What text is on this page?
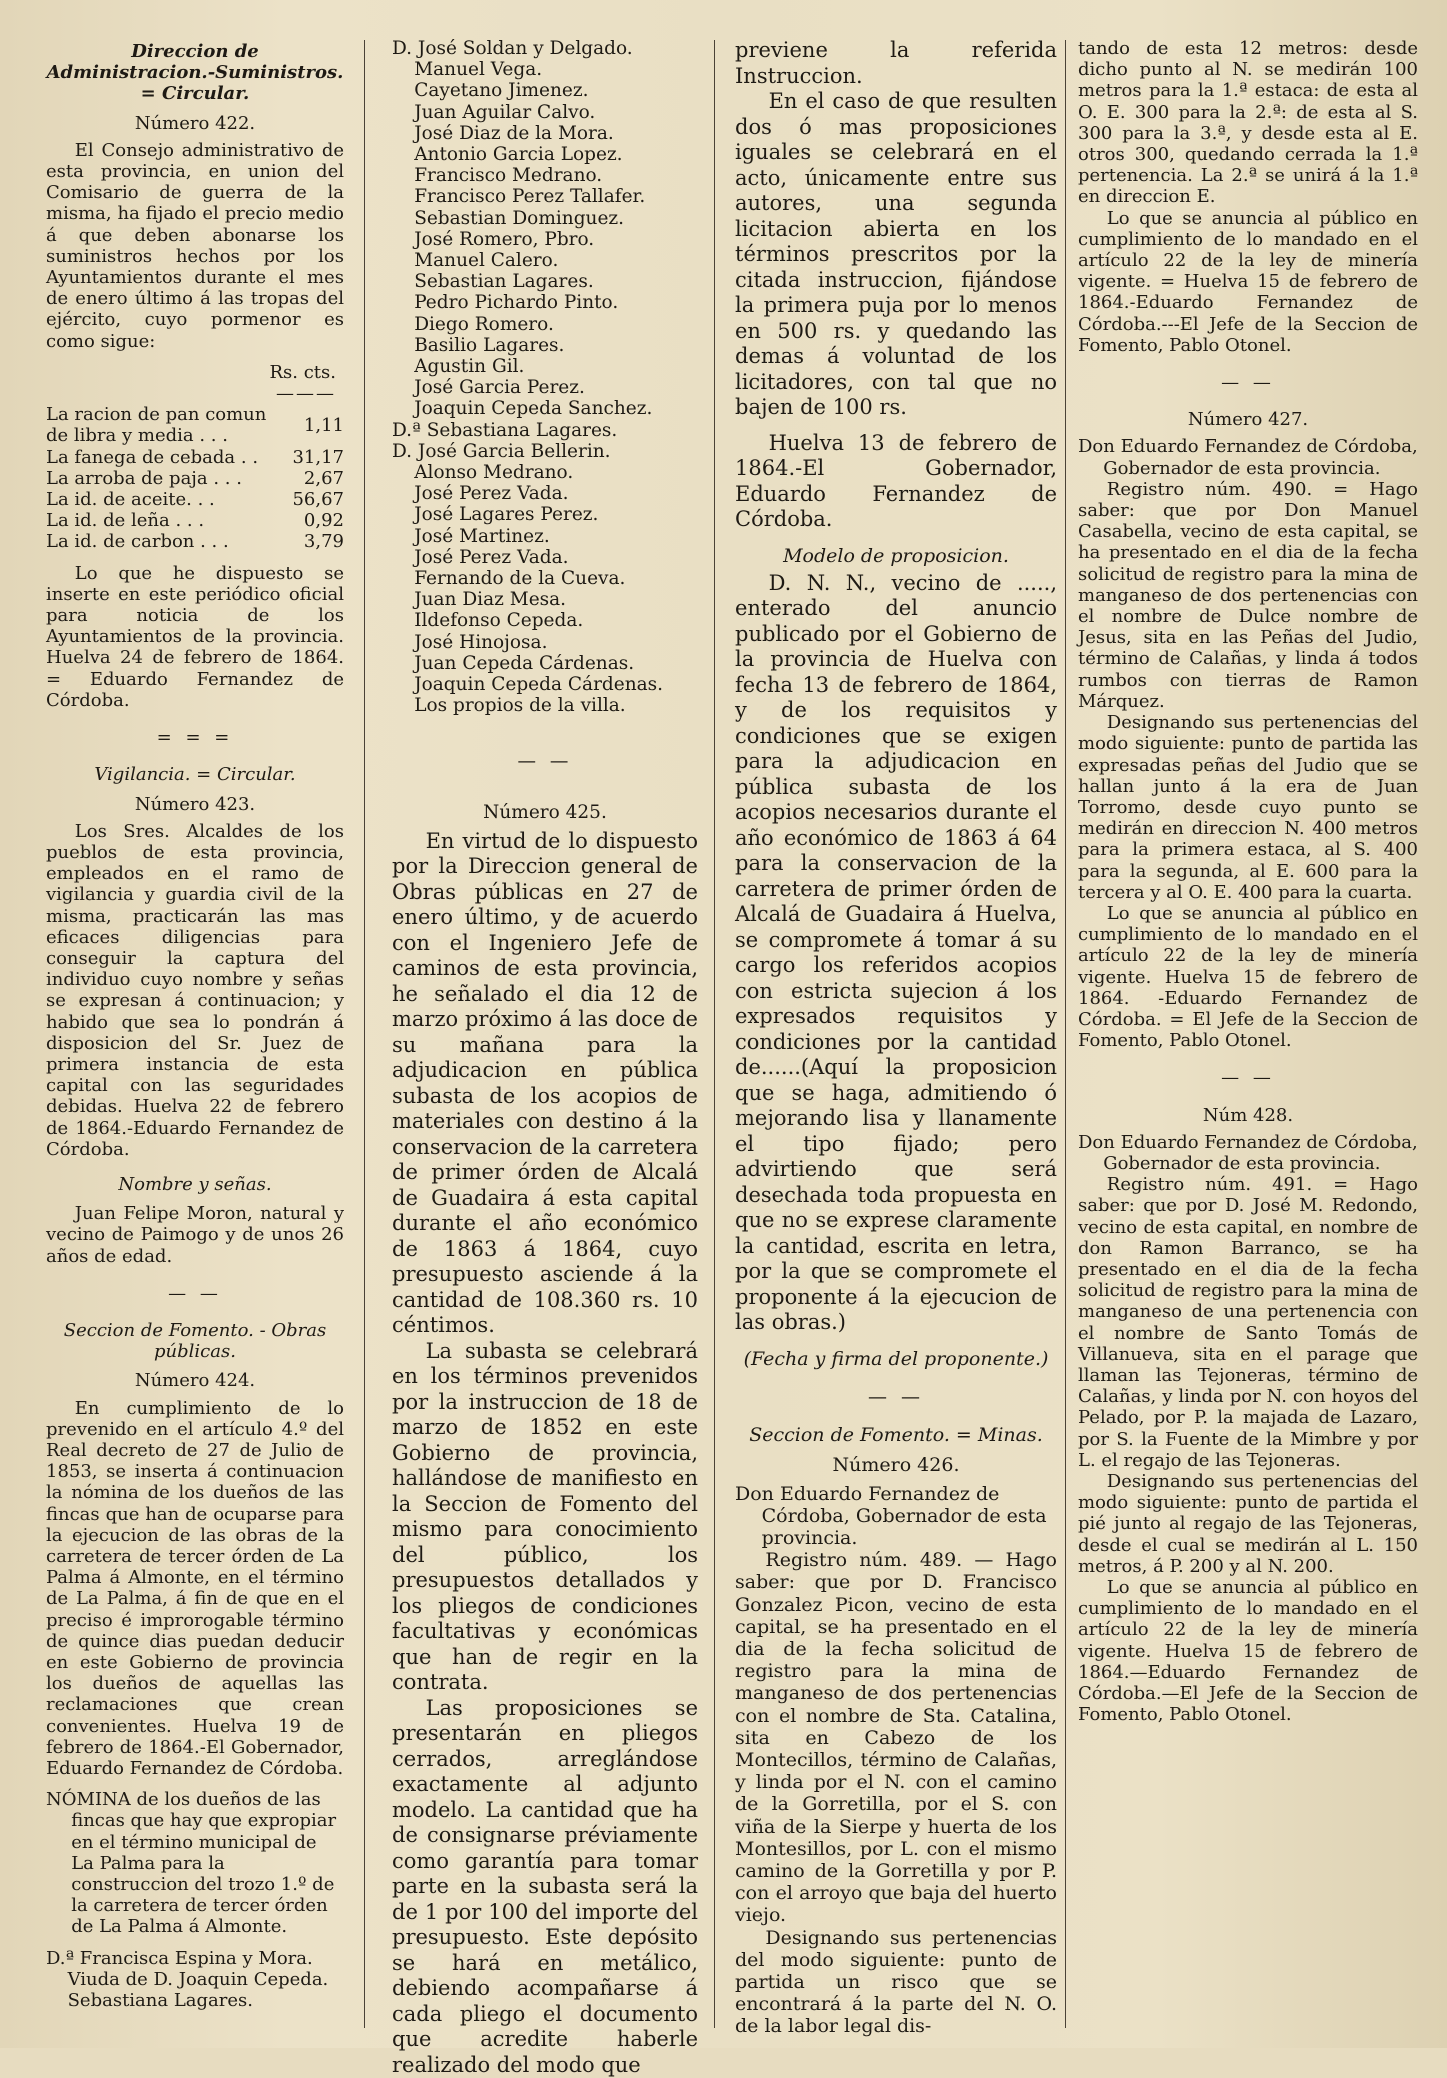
Direccion de Administracion.-Suministros. = Circular.

Número 422.

El Consejo administrativo de esta provincia, en union del Comisario de guerra de la misma, ha fijado el precio medio á que deben abonarse los suministros hechos por los Ayuntamientos durante el mes de enero último á las tropas del ejército, cuyo pormenor es como sigue:

Rs. cts.

———

La racion de pan comun de libra y media . . .	1,11
La fanega de cebada . .	31,17
La arroba de paja . . .	2,67
La id. de aceite. . .	56,67
La id. de leña . . .	0,92
La id. de carbon . . .	3,79

Lo que he dispuesto se inserte en este periódico oficial para noticia de los Ayuntamientos de la provincia. Huelva 24 de febrero de 1864. = Eduardo Fernandez de Córdoba.

= = =

Vigilancia. = Circular.

Número 423.

Los Sres. Alcaldes de los pueblos de esta provincia, empleados en el ramo de vigilancia y guardia civil de la misma, practicarán las mas eficaces diligencias para conseguir la captura del individuo cuyo nombre y señas se expresan á continuacion; y habido que sea lo pondrán á disposicion del Sr. Juez de primera instancia de esta capital con las seguridades debidas. Huelva 22 de febrero de 1864.-Eduardo Fernandez de Córdoba.

Nombre y señas.

Juan Felipe Moron, natural y vecino de Paimogo y de unos 26 años de edad.

— —

Seccion de Fomento. - Obras públicas.

Número 424.

En cumplimiento de lo prevenido en el artículo 4.º del Real decreto de 27 de Julio de 1853, se inserta á continuacion la nómina de los dueños de las fincas que han de ocuparse para la ejecucion de las obras de la carretera de tercer órden de La Palma á Almonte, en el término de La Palma, á fin de que en el preciso é improrogable término de quince dias puedan deducir en este Gobierno de provincia los dueños de aquellas las reclamaciones que crean convenientes. Huelva 19 de febrero de 1864.-El Gobernador, Eduardo Fernandez de Córdoba.

NÓMINA de los dueños de las fincas que hay que expropiar en el término municipal de La Palma para la construccion del trozo 1.º de la carretera de tercer órden de La Palma á Almonte.

D.ª Francisca Espina y Mora.
Viuda de D. Joaquin Cepeda.
Sebastiana Lagares.
D. José Soldan y Delgado.
Manuel Vega.
Cayetano Jimenez.
Juan Aguilar Calvo.
José Diaz de la Mora.
Antonio Garcia Lopez.
Francisco Medrano.
Francisco Perez Tallafer.
Sebastian Dominguez.
José Romero, Pbro.
Manuel Calero.
Sebastian Lagares.
Pedro Pichardo Pinto.
Diego Romero.
Basilio Lagares.
Agustin Gil.
José Garcia Perez.
Joaquin Cepeda Sanchez.
D.ª Sebastiana Lagares.
D. José Garcia Bellerin.
Alonso Medrano.
José Perez Vada.
José Lagares Perez.
José Martinez.
José Perez Vada.
Fernando de la Cueva.
Juan Diaz Mesa.
Ildefonso Cepeda.
José Hinojosa.
Juan Cepeda Cárdenas.
Joaquin Cepeda Cárdenas.
Los propios de la villa.

— —

Número 425.

En virtud de lo dispuesto por la Direccion general de Obras públicas en 27 de enero último, y de acuerdo con el Ingeniero Jefe de caminos de esta provincia, he señalado el dia 12 de marzo próximo á las doce de su mañana para la adjudicacion en pública subasta de los acopios de materiales con destino á la conservacion de la carretera de primer órden de Alcalá de Guadaira á esta capital durante el año económico de 1863 á 1864, cuyo presupuesto asciende á la cantidad de 108.360 rs. 10 céntimos.

La subasta se celebrará en los términos prevenidos por la instruccion de 18 de marzo de 1852 en este Gobierno de provincia, hallándose de manifiesto en la Seccion de Fomento del mismo para conocimiento del público, los presupuestos detallados y los pliegos de condiciones facultativas y económicas que han de regir en la contrata.

Las proposiciones se presentarán en pliegos cerrados, arreglándose exactamente al adjunto modelo. La cantidad que ha de consignarse préviamente como garantía para tomar parte en la subasta será la de 1 por 100 del importe del presupuesto. Este depósito se hará en metálico, debiendo acompañarse á cada pliego el documento que acredite haberle realizado del modo que

previene la referida Instruccion.

En el caso de que resulten dos ó mas proposiciones iguales se celebrará en el acto, únicamente entre sus autores, una segunda licitacion abierta en los términos prescritos por la citada instruccion, fijándose la primera puja por lo menos en 500 rs. y quedando las demas á voluntad de los licitadores, con tal que no bajen de 100 rs.

Huelva 13 de febrero de 1864.-El Gobernador, Eduardo Fernandez de Córdoba.

Modelo de proposicion.

D. N. N., vecino de ....., enterado del anuncio publicado por el Gobierno de la provincia de Huelva con fecha 13 de febrero de 1864, y de los requisitos y condiciones que se exigen para la adjudicacion en pública subasta de los acopios necesarios durante el año económico de 1863 á 64 para la conservacion de la carretera de primer órden de Alcalá de Guadaira á Huelva, se compromete á tomar á su cargo los referidos acopios con estricta sujecion á los expresados requisitos y condiciones por la cantidad de......(Aquí la proposicion que se haga, admitiendo ó mejorando lisa y llanamente el tipo fijado; pero advirtiendo que será desechada toda propuesta en que no se exprese claramente la cantidad, escrita en letra, por la que se compromete el proponente á la ejecucion de las obras.)

(Fecha y firma del proponente.)

— —

Seccion de Fomento. = Minas.

Número 426.

Don Eduardo Fernandez de Córdoba, Gobernador de esta provincia.

Registro núm. 489. — Hago saber: que por D. Francisco Gonzalez Picon, vecino de esta capital, se ha presentado en el dia de la fecha solicitud de registro para la mina de manganeso de dos pertenencias con el nombre de Sta. Catalina, sita en Cabezo de los Montecillos, término de Calañas, y linda por el N. con el camino de la Gorretilla, por el S. con viña de la Sierpe y huerta de los Montesillos, por L. con el mismo camino de la Gorretilla y por P. con el arroyo que baja del huerto viejo.

Designando sus pertenencias del modo siguiente: punto de partida un risco que se encontrará á la parte del N. O. de la labor legal dis-

tando de esta 12 metros: desde dicho punto al N. se medirán 100 metros para la 1.ª estaca: de esta al O. E. 300 para la 2.ª: de esta al S. 300 para la 3.ª, y desde esta al E. otros 300, quedando cerrada la 1.ª pertenencia. La 2.ª se unirá á la 1.ª en direccion E.

Lo que se anuncia al público en cumplimiento de lo mandado en el artículo 22 de la ley de minería vigente. = Huelva 15 de febrero de 1864.-Eduardo Fernandez de Córdoba.---El Jefe de la Seccion de Fomento, Pablo Otonel.

— —

Número 427.

Don Eduardo Fernandez de Córdoba, Gobernador de esta provincia.

Registro núm. 490. = Hago saber: que por Don Manuel Casabella, vecino de esta capital, se ha presentado en el dia de la fecha solicitud de registro para la mina de manganeso de dos pertenencias con el nombre de Dulce nombre de Jesus, sita en las Peñas del Judio, término de Calañas, y linda á todos rumbos con tierras de Ramon Márquez.

Designando sus pertenencias del modo siguiente: punto de partida las expresadas peñas del Judio que se hallan junto á la era de Juan Torromo, desde cuyo punto se medirán en direccion N. 400 metros para la primera estaca, al S. 400 para la segunda, al E. 600 para la tercera y al O. E. 400 para la cuarta.

Lo que se anuncia al público en cumplimiento de lo mandado en el artículo 22 de la ley de minería vigente. Huelva 15 de febrero de 1864. -Eduardo Fernandez de Córdoba. = El Jefe de la Seccion de Fomento, Pablo Otonel.

— —

Núm 428.

Don Eduardo Fernandez de Córdoba, Gobernador de esta provincia.

Registro núm. 491. = Hago saber: que por D. José M. Redondo, vecino de esta capital, en nombre de don Ramon Barranco, se ha presentado en el dia de la fecha solicitud de registro para la mina de manganeso de una pertenencia con el nombre de Santo Tomás de Villanueva, sita en el parage que llaman las Tejoneras, término de Calañas, y linda por N. con hoyos del Pelado, por P. la majada de Lazaro, por S. la Fuente de la Mimbre y por L. el regajo de las Tejoneras.

Designando sus pertenencias del modo siguiente: punto de partida el pié junto al regajo de las Tejoneras, desde el cual se medirán al L. 150 metros, á P. 200 y al N. 200.

Lo que se anuncia al público en cumplimiento de lo mandado en el artículo 22 de la ley de minería vigente. Huelva 15 de febrero de 1864.—Eduardo Fernandez de Córdoba.—El Jefe de la Seccion de Fomento, Pablo Otonel.
